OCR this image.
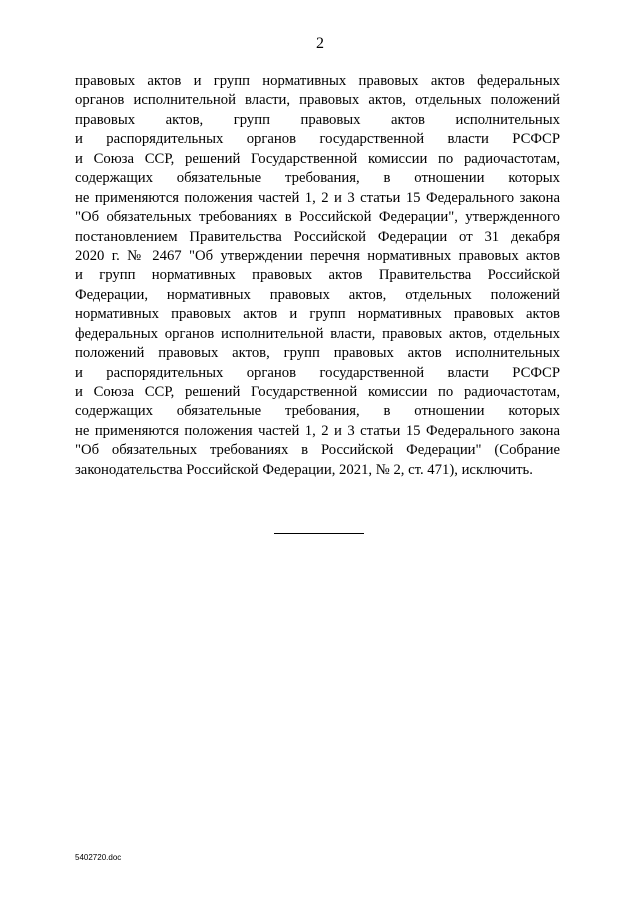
2
правовых актов и групп нормативных правовых актов федеральных
органов исполнительной власти, правовых актов, отдельных положений
правовых актов, групп правовых актов исполнительных
и распорядительных органов государственной власти РСФСР
и Союза ССР, решений Государственной комиссии по радиочастотам,
содержащих обязательные требования, в отношении которых
не применяются положения частей 1, 2 и 3 статьи 15 Федерального закона
"Об обязательных требованиях в Российской Федерации", утвержденного
постановлением Правительства Российской Федерации от 31 декабря
2020 г. № 2467 "Об утверждении перечня нормативных правовых актов
и групп нормативных правовых актов Правительства Российской
Федерации, нормативных правовых актов, отдельных положений
нормативных правовых актов и групп нормативных правовых актов
федеральных органов исполнительной власти, правовых актов, отдельных
положений правовых актов, групп правовых актов исполнительных
и распорядительных органов государственной власти РСФСР
и Союза ССР, решений Государственной комиссии по радиочастотам,
содержащих обязательные требования, в отношении которых
не применяются положения частей 1, 2 и 3 статьи 15 Федерального закона
"Об обязательных требованиях в Российской Федерации" (Собрание
законодательства Российской Федерации, 2021, № 2, ст. 471), исключить.
5402720.doc
